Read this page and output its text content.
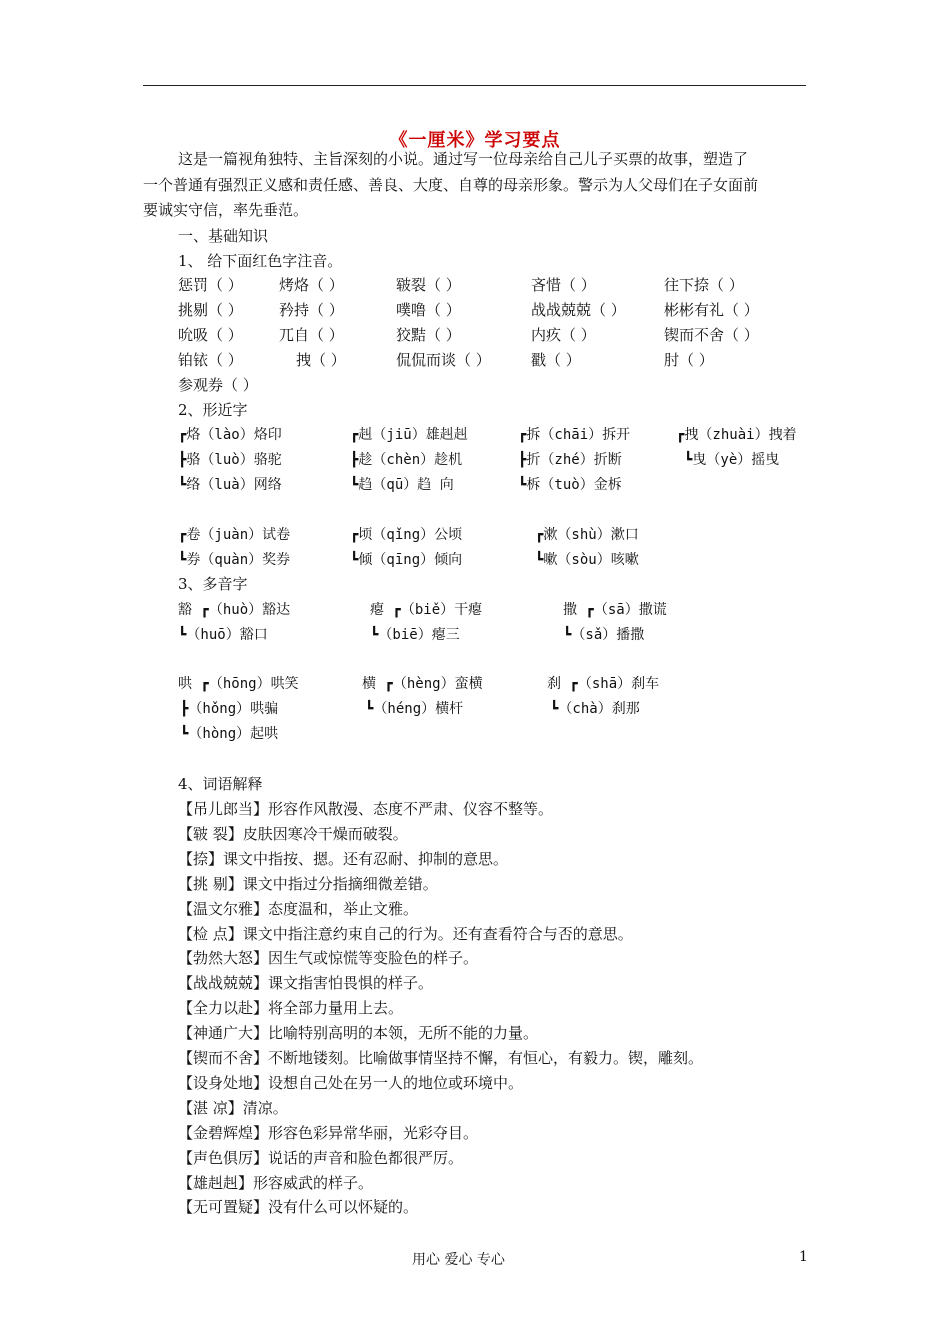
《一厘米》学习要点
这是一篇视角独特、主旨深刻的小说。通过写一位母亲给自己儿子买票的故事，塑造了
一个普通有强烈正义感和责任感、善良、大度、自尊的母亲形象。警示为人父母们在子女面前
要诚实守信，率先垂范。
一、基础知识
1、 给下面红色字注音。
惩罚（ ） 烤烙（ ）	皲裂（ ）	吝惜（ ）	往下捺（ ）
挑剔（ ） 矜持（ ）	噗噜（ ）	战战兢兢（ ）	彬彬有礼（ ）
吮吸（ ） 兀自（ ）	狡黠（ ）	内疚（ ）	锲而不舍（ ）
铂铱（ ）	拽（ ）	侃侃而谈（ ）	戳（ ）	肘（ ）
参观券（ ）
2、形近字
┏烙（lào）烙印	┏赳（jiū）雄赳赳	┏拆（chāi）拆开	┏拽（zhuài）拽着
┣骆（luò）骆驼	┣趁（chèn）趁机	┣折（zhé）折断	┗曳（yè）摇曳
┗络（luà）网络	┗趋（qū）趋 向	┗柝（tuò）金柝
┏卷（juàn）试卷	┏顷（qǐng）公顷	┏漱（shù）漱口
┗券（quàn）奖券	┗倾（qīng）倾向	┗嗽（sòu）咳嗽
3、多音字
豁 ┏（huò）豁达	瘪 ┏（biě）干瘪	撒 ┏（sā）撒谎
┗（huō）豁口	┗（biē）瘪三	┗（sǎ）播撒
哄 ┏（hōng）哄笑	横 ┏（hèng）蛮横	刹 ┏（shā）刹车
┣（hǒng）哄骗	┗（héng）横杆	┗（chà）刹那
┗（hòng）起哄
4、词语解释
【吊儿郎当】形容作风散漫、态度不严肃、仪容不整等。
【皲 裂】皮肤因寒冷干燥而破裂。
【捺】课文中指按、摁。还有忍耐、抑制的意思。
【挑 剔】课文中指过分指摘细微差错。
【温文尔雅】态度温和，举止文雅。
【检 点】课文中指注意约束自己的行为。还有查看符合与否的意思。
【勃然大怒】因生气或惊慌等变脸色的样子。
【战战兢兢】课文指害怕畏惧的样子。
【全力以赴】将全部力量用上去。
【神通广大】比喻特别高明的本领，无所不能的力量。
【锲而不舍】不断地镂刻。比喻做事情坚持不懈，有恒心，有毅力。锲，雕刻。
【设身处地】设想自己处在另一人的地位或环境中。
【湛 凉】清凉。
【金碧辉煌】形容色彩异常华丽，光彩夺目。
【声色俱厉】说话的声音和脸色都很严厉。
【雄赳赳】形容威武的样子。
【无可置疑】没有什么可以怀疑的。
用心 爱心 专心	1
